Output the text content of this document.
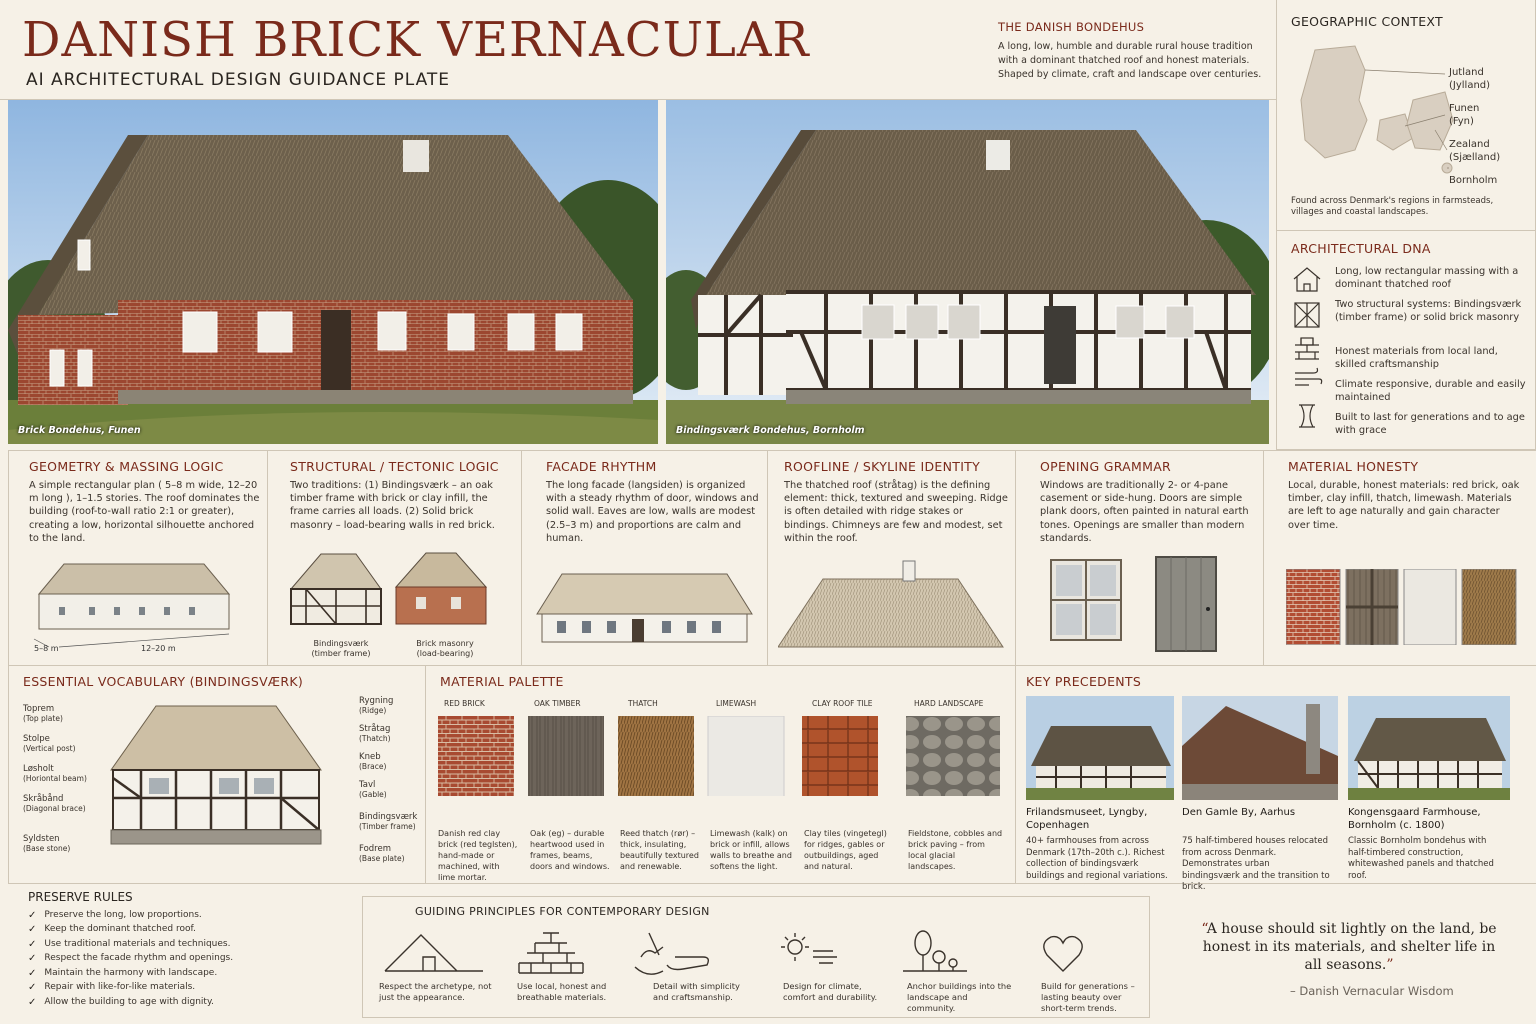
DANISH BRICK VERNACULAR
AI ARCHITECTURAL DESIGN GUIDANCE PLATE
THE DANISH BONDEHUS
A long, low, humble and durable rural house tradition with a dominant thatched roof and honest materials. Shaped by climate, craft and landscape over centuries.
Brick Bondehus, Funen	Bindingsværk Bondehus, Bornholm
GEOGRAPHIC CONTEXT
Jutland
(Jylland)
Funen
(Fyn)
Zealand
(Sjælland)
Bornholm
Found across Denmark's regions in farmsteads, villages and coastal landscapes.
ARCHITECTURAL DNA
Long, low rectangular massing with a dominant thatched roof
Two structural systems: Bindingsværk (timber frame) or solid brick masonry
Honest materials from local land, skilled craftsmanship
Climate responsive, durable and easily maintained
Built to last for generations and to age with grace
GEOMETRY & MASSING LOGIC
A simple rectangular plan ( 5–8 m wide, 12–20 m long ), 1–1.5 stories. The roof dominates the building (roof-to-wall ratio 2:1 or greater), creating a low, horizontal silhouette anchored to the land.
5–8 m	12–20 m
STRUCTURAL / TECTONIC LOGIC
Two traditions: (1) Bindingsværk – an oak timber frame with brick or clay infill, the frame carries all loads. (2) Solid brick masonry – load-bearing walls in red brick.
Bindingsværk
(timber frame)
Brick masonry
(load-bearing)
FACADE RHYTHM
The long facade (langsiden) is organized with a steady rhythm of door, windows and solid wall. Eaves are low, walls are modest (2.5–3 m) and proportions are calm and human.
ROOFLINE / SKYLINE IDENTITY
The thatched roof (stråtag) is the defining element: thick, textured and sweeping. Ridge is often detailed with ridge stakes or bindings. Chimneys are few and modest, set within the roof.
OPENING GRAMMAR
Windows are traditionally 2- or 4-pane casement or side-hung. Doors are simple plank doors, often painted in natural earth tones. Openings are smaller than modern standards.
MATERIAL HONESTY
Local, durable, honest materials: red brick, oak timber, clay infill, thatch, limewash. Materials are left to age naturally and gain character over time.
ESSENTIAL VOCABULARY (BINDINGSVÆRK)
Toprem
(Top plate)
Stolpe
(Vertical post)
Løsholt
(Horiontal beam)
Skråbånd
(Diagonal brace)
Syldsten
(Base stone)
Rygning
(Ridge)
Stråtag
(Thatch)
Kneb
(Brace)
Tavl
(Gable)
Bindingsværk
(Timber frame)
Fodrem
(Base plate)
MATERIAL PALETTE
RED BRICK	OAK TIMBER	THATCH	LIMEWASH	CLAY ROOF TILE	HARD LANDSCAPE
Danish red clay brick (red teglsten), hand-made or machined, with lime mortar.
Oak (eg) – durable heartwood used in frames, beams, doors and windows.
Reed thatch (rør) – thick, insulating, beautifully textured and renewable.
Limewash (kalk) on brick or infill, allows walls to breathe and softens the light.
Clay tiles (vingetegl) for ridges, gables or outbuildings, aged and natural.
Fieldstone, cobbles and brick paving – from local glacial landscapes.
KEY PRECEDENTS
Frilandsmuseet, Lyngby, Copenhagen
40+ farmhouses from across Denmark (17th–20th c.). Richest collection of bindingsværk buildings and regional variations.
Den Gamle By, Aarhus
75 half-timbered houses relocated from across Denmark. Demonstrates urban bindingsværk and the transition to brick.
Kongensgaard Farmhouse, Bornholm (c. 1800)
Classic Bornholm bondehus with half-timbered construction, whitewashed panels and thatched roof.
PRESERVE RULES
✓ Preserve the long, low proportions.
✓ Keep the dominant thatched roof.
✓ Use traditional materials and techniques.
✓ Respect the facade rhythm and openings.
✓ Maintain the harmony with landscape.
✓ Repair with like-for-like materials.
✓ Allow the building to age with dignity.
GUIDING PRINCIPLES FOR CONTEMPORARY DESIGN
Respect the archetype, not just the appearance.
Use local, honest and breathable materials.
Detail with simplicity and craftsmanship.
Design for climate, comfort and durability.
Anchor buildings into the landscape and community.
Build for generations – lasting beauty over short-term trends.
“A house should sit lightly on the land, be honest in its materials, and shelter life in all seasons.”
– Danish Vernacular Wisdom
